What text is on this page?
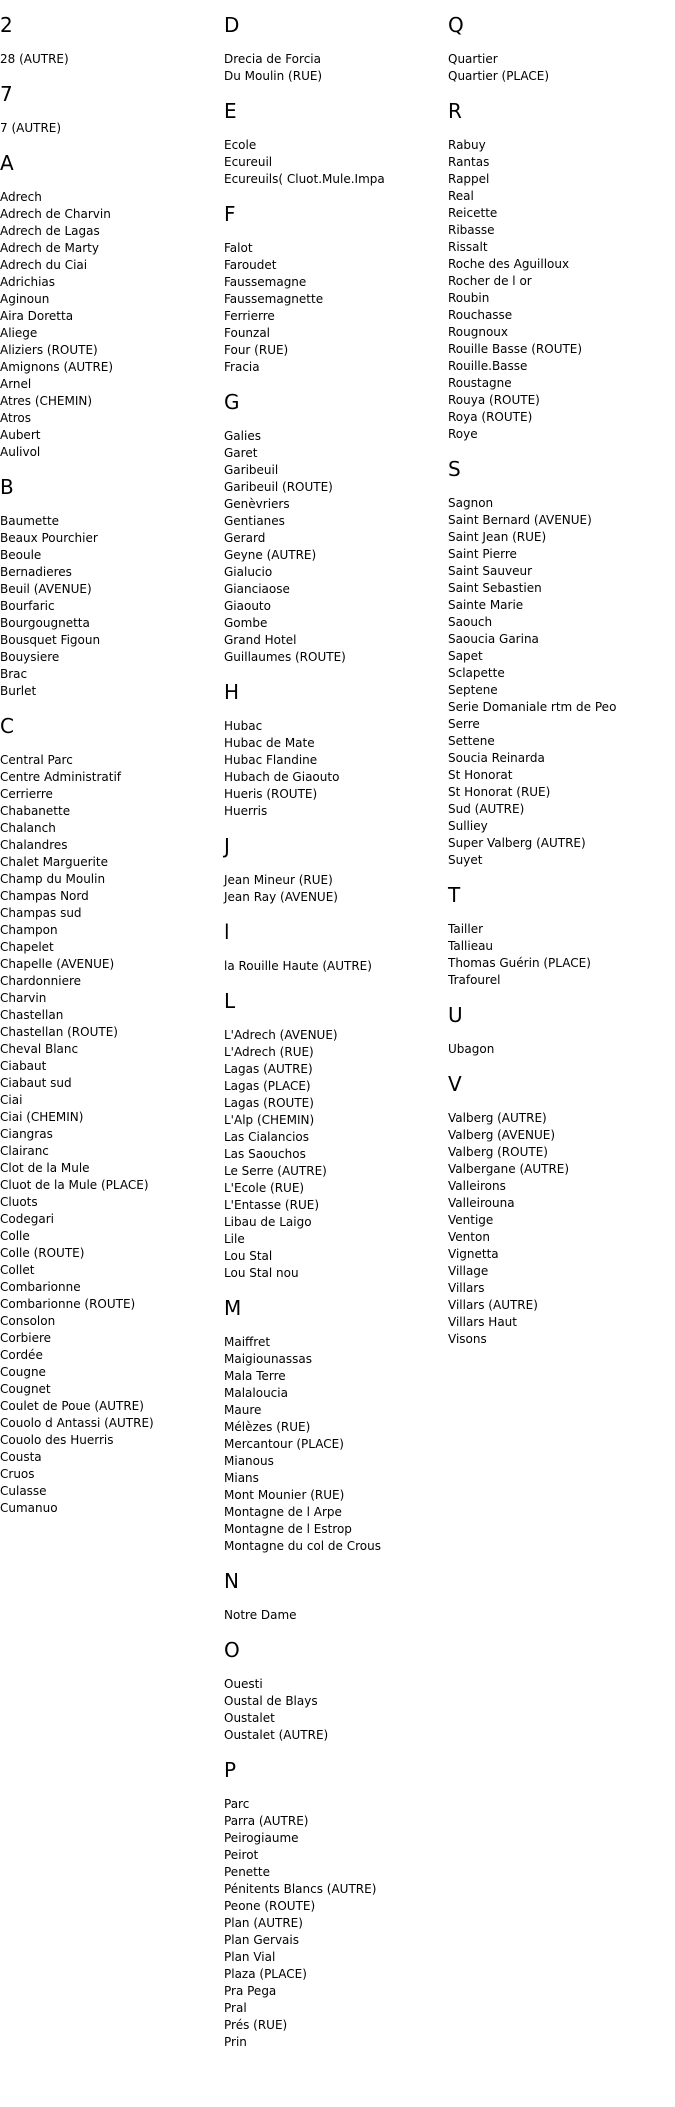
2
28 (AUTRE)
7
7 (AUTRE)
A
Adrech
Adrech de Charvin
Adrech de Lagas
Adrech de Marty
Adrech du Ciai
Adrichias
Aginoun
Aira Doretta
Aliege
Aliziers (ROUTE)
Amignons (AUTRE)
Arnel
Atres (CHEMIN)
Atros
Aubert
Aulivol
B
Baumette
Beaux Pourchier
Beoule
Bernadieres
Beuil (AVENUE)
Bourfaric
Bourgougnetta
Bousquet Figoun
Bouysiere
Brac
Burlet
C
Central Parc
Centre Administratif
Cerrierre
Chabanette
Chalanch
Chalandres
Chalet Marguerite
Champ du Moulin
Champas Nord
Champas sud
Champon
Chapelet
Chapelle (AVENUE)
Chardonniere
Charvin
Chastellan
Chastellan (ROUTE)
Cheval Blanc
Ciabaut
Ciabaut sud
Ciai
Ciai (CHEMIN)
Ciangras
Clairanc
Clot de la Mule
Cluot de la Mule (PLACE)
Cluots
Codegari
Colle
Colle (ROUTE)
Collet
Combarionne
Combarionne (ROUTE)
Consolon
Corbiere
Cordée
Cougne
Cougnet
Coulet de Poue (AUTRE)
Couolo d Antassi (AUTRE)
Couolo des Huerris
Cousta
Cruos
Culasse
Cumanuo
D
Drecia de Forcia
Du Moulin (RUE)
E
Ecole
Ecureuil
Ecureuils( Cluot.Mule.Impa
F
Falot
Faroudet
Faussemagne
Faussemagnette
Ferrierre
Founzal
Four (RUE)
Fracia
G
Galies
Garet
Garibeuil
Garibeuil (ROUTE)
Genèvriers
Gentianes
Gerard
Geyne (AUTRE)
Gialucio
Gianciaose
Giaouto
Gombe
Grand Hotel
Guillaumes (ROUTE)
H
Hubac
Hubac de Mate
Hubac Flandine
Hubach de Giaouto
Hueris (ROUTE)
Huerris
J
Jean Mineur (RUE)
Jean Ray (AVENUE)
l
la Rouille Haute (AUTRE)
L
L'Adrech (AVENUE)
L'Adrech (RUE)
Lagas (AUTRE)
Lagas (PLACE)
Lagas (ROUTE)
L'Alp (CHEMIN)
Las Cialancios
Las Saouchos
Le Serre (AUTRE)
L'Ecole (RUE)
L'Entasse (RUE)
Libau de Laigo
Lile
Lou Stal
Lou Stal nou
M
Maiffret
Maigiounassas
Mala Terre
Malaloucia
Maure
Mélèzes (RUE)
Mercantour (PLACE)
Mianous
Mians
Mont Mounier (RUE)
Montagne de l Arpe
Montagne de l Estrop
Montagne du col de Crous
N
Notre Dame
O
Ouesti
Oustal de Blays
Oustalet
Oustalet (AUTRE)
P
Parc
Parra (AUTRE)
Peirogiaume
Peirot
Penette
Pénitents Blancs (AUTRE)
Peone (ROUTE)
Plan (AUTRE)
Plan Gervais
Plan Vial
Plaza (PLACE)
Pra Pega
Pral
Prés (RUE)
Prin
Q
Quartier
Quartier (PLACE)
R
Rabuy
Rantas
Rappel
Real
Reicette
Ribasse
Rissalt
Roche des Aguilloux
Rocher de l or
Roubin
Rouchasse
Rougnoux
Rouille Basse (ROUTE)
Rouille.Basse
Roustagne
Rouya (ROUTE)
Roya (ROUTE)
Roye
S
Sagnon
Saint Bernard (AVENUE)
Saint Jean (RUE)
Saint Pierre
Saint Sauveur
Saint Sebastien
Sainte Marie
Saouch
Saoucia Garina
Sapet
Sclapette
Septene
Serie Domaniale rtm de Peo
Serre
Settene
Soucia Reinarda
St Honorat
St Honorat (RUE)
Sud (AUTRE)
Sulliey
Super Valberg (AUTRE)
Suyet
T
Tailler
Tallieau
Thomas Guérin (PLACE)
Trafourel
U
Ubagon
V
Valberg (AUTRE)
Valberg (AVENUE)
Valberg (ROUTE)
Valbergane (AUTRE)
Valleirons
Valleirouna
Ventige
Venton
Vignetta
Village
Villars
Villars (AUTRE)
Villars Haut
Visons
